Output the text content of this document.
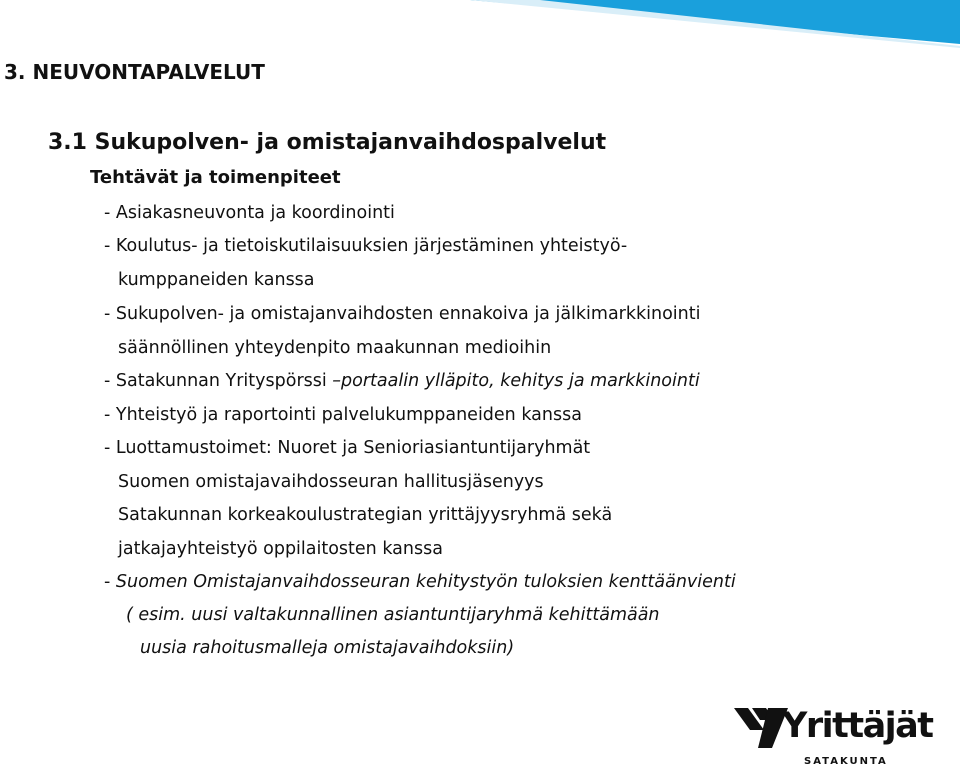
3. NEUVONTAPALVELUT
3.1 Sukupolven- ja omistajanvaihdospalvelut
Tehtävät ja toimenpiteet
- Asiakasneuvonta ja koordinointi
- Koulutus- ja tietoiskutilaisuuksien järjestäminen yhteistyö-
kumppaneiden kanssa
- Sukupolven- ja omistajanvaihdosten ennakoiva ja jälkimarkkinointi
säännöllinen yhteydenpito maakunnan medioihin
- Satakunnan Yrityspörssi –portaalin ylläpito, kehitys ja markkinointi
- Yhteistyö ja raportointi palvelukumppaneiden kanssa
- Luottamustoimet: Nuoret ja Senioriasiantuntijaryhmät
Suomen omistajavaihdosseuran hallitusjäsenyys
Satakunnan korkeakoulustrategian yrittäjyysryhmä sekä
jatkajayhteistyö oppilaitosten kanssa
- Suomen Omistajanvaihdosseuran kehitystyön tuloksien kenttäänvienti
( esim. uusi valtakunnallinen asiantuntijaryhmä kehittämään
uusia rahoitusmalleja omistajavaihdoksiin)
Yrittäjät
SATAKUNTA
